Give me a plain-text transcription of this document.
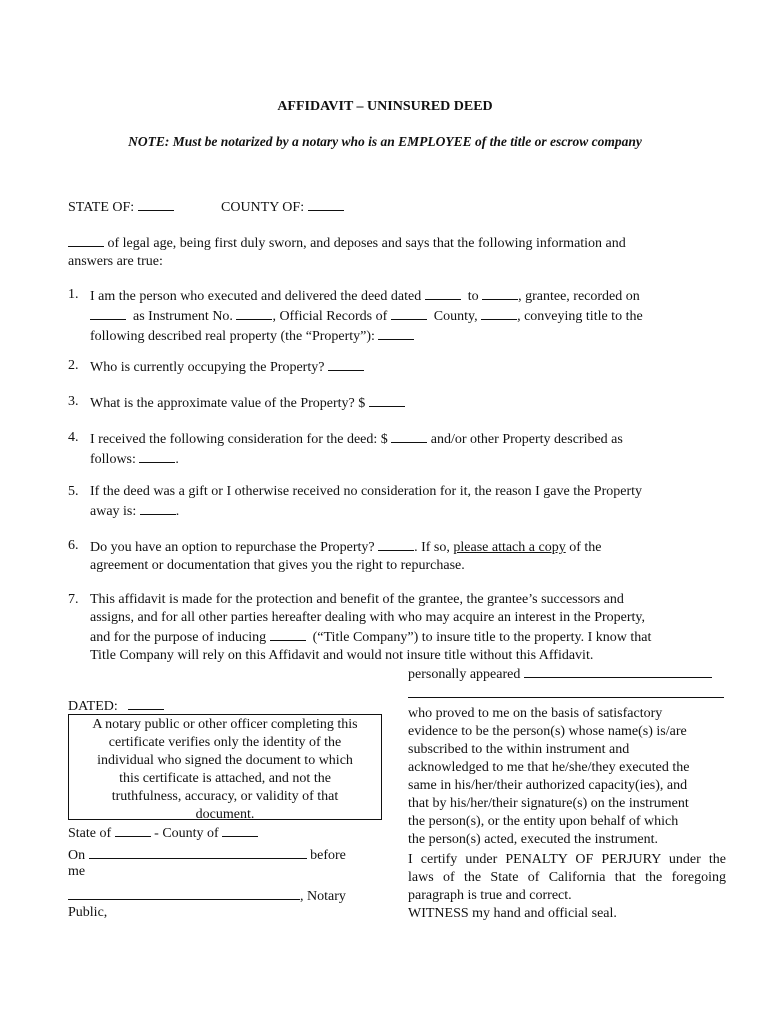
AFFIDAVIT – UNINSURED DEED
NOTE: Must be notarized by a notary who is an EMPLOYEE of the title or escrow company
STATE OF:	COUNTY OF:
of legal age, being first duly sworn, and deposes and says that the following information and
answers are true:
1. I am the person who executed and delivered the deed dated	to	, grantee, recorded on
as Instrument No.	, Official Records of	County,	, conveying title to the
following described real property (the “Property”):
2. Who is currently occupying the Property?
3. What is the approximate value of the Property? $
4. I received the following consideration for the deed: $	and/or other Property described as
follows:	.
5. If the deed was a gift or I otherwise received no consideration for it, the reason I gave the Property
away is:	.
6. Do you have an option to repurchase the Property?	. If so, please attach a copy of the
agreement or documentation that gives you the right to repurchase.
7. This affidavit is made for the protection and benefit of the grantee, the grantee’s successors and
assigns, and for all other parties hereafter dealing with who may acquire an interest in the Property,
and for the purpose of inducing	(“Title Company”) to insure title to the property. I know that
Title Company will rely on this Affidavit and would not insure title without this Affidavit.
personally appeared
DATED:
A notary public or other officer completing this
certificate verifies only the identity of the
individual who signed the document to which
this certificate is attached, and not the
truthfulness, accuracy, or validity of that
document.
State of	- County of
On	before
me
, Notary
Public,
who proved to me on the basis of satisfactory
evidence to be the person(s) whose name(s) is/are
subscribed to the within instrument and
acknowledged to me that he/she/they executed the
same in his/her/their authorized capacity(ies), and
that by his/her/their signature(s) on the instrument
the person(s), or the entity upon behalf of which
the person(s) acted, executed the instrument.
I certify under PENALTY OF PERJURY under the
laws of the State of California that the foregoing
paragraph is true and correct.
WITNESS my hand and official seal.
